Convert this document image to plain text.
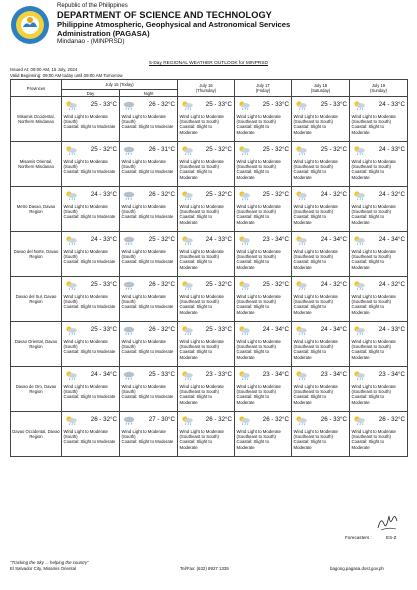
Republic of the Philippines
DEPARTMENT OF SCIENCE AND TECHNOLOGY
Philippine Atmospheric, Geophysical and Astronomical Services
Administration (PAGASA)
Mindanao - (MINPRSD)
5-Day REGIONAL WEATHER OUTLOOK for MINPRSD
Issued At: 09:00 AM, 15 July, 2024
Valid Beginning: 09:00 AM today until 09:00 AM Tomorrow
Provinces	July 15 (Today)		July 16
(Thursday)	July 17
(Friday)	July 18
(Saturday)	July 19
(Sunday)
	Day	Night				
Misamis Occidental, Northern Mindanao	25 - 33°C
Wind Light to Moderate
(South)
Coastal: Slight to Moderate	26 - 32°C
Wind Light to Moderate
(South)
Coastal: Slight to Moderate	25 - 33°C
Wind Light to Moderate
(Southeast to South)
Coastal: Slight to
Moderate	25 - 33°C
Wind Light to Moderate
(Southeast to South)
Coastal: Slight to
Moderate	25 - 33°C
Wind Light to Moderate
(Southeast to South)
Coastal: Slight to
Moderate	24 - 33°C
Wind Light to Moderate
(Southeast to South)
Coastal: Slight to
Moderate

Misamis Oriental, Northern Mindanao	25 - 32°C
Wind Light to Moderate
(South)
Coastal: Slight to Moderate	26 - 31°C
Wind Light to Moderate
(South)
Coastal: Slight to Moderate	25 - 32°C
Wind Light to Moderate
(Southeast to South)
Coastal: Slight to
Moderate	25 - 32°C
Wind Light to Moderate
(Southeast to South)
Coastal: Slight to
Moderate	25 - 32°C
Wind Light to Moderate
(Southeast to South)
Coastal: Slight to
Moderate	24 - 33°C
Wind Light to Moderate
(Southeast to South)
Coastal: Slight to
Moderate

Metro Davao, Davao Region	24 - 33°C
Wind Light to Moderate
(South)
Coastal: Slight to Moderate	26 - 32°C
Wind Light to Moderate
(South)
Coastal: Slight to Moderate	25 - 32°C
Wind Light to Moderate
(Southeast to South)
Coastal: Slight to
Moderate	25 - 32°C
Wind Light to Moderate
(Southeast to South)
Coastal: Slight to
Moderate	24 - 32°C
Wind Light to Moderate
(Southeast to South)
Coastal: Slight to
Moderate	24 - 32°C
Wind Light to Moderate
(Southeast to South)
Coastal: Slight to
Moderate

Davao del Norte, Davao Region	24 - 33°C
Wind Light to Moderate
(South)
Coastal: Slight to Moderate	25 - 32°C
Wind Light to Moderate
(South)
Coastal: Slight to Moderate	24 - 33°C
Wind Light to Moderate
(Southeast to South)
Coastal: Slight to
Moderate	23 - 34°C
Wind Light to Moderate
(Southeast to South)
Coastal: Slight to
Moderate	24 - 34°C
Wind Light to Moderate
(Southeast to South)
Coastal: Slight to
Moderate	24 - 34°C
Wind Light to Moderate
(Southeast to South)
Coastal: Slight to
Moderate

Davao del Sur, Davao Region	25 - 33°C
Wind Light to Moderate
(South)
Coastal: Slight to Moderate	26 - 32°C
Wind Light to Moderate
(South)
Coastal: Slight to Moderate	25 - 32°C
Wind Light to Moderate
(Southeast to South)
Coastal: Slight to
Moderate	25 - 32°C
Wind Light to Moderate
(Southeast to South)
Coastal: Slight to
Moderate	24 - 32°C
Wind Light to Moderate
(Southeast to South)
Coastal: Slight to
Moderate	24 - 32°C
Wind Light to Moderate
(Southeast to South)
Coastal: Slight to
Moderate

Davao Oriental, Davao Region	25 - 33°C
Wind Light to Moderate
(South)
Coastal: Slight to Moderate	26 - 32°C
Wind Light to Moderate
(South)
Coastal: Slight to Moderate	25 - 33°C
Wind Light to Moderate
(Southeast to South)
Coastal: Slight to
Moderate	24 - 34°C
Wind Light to Moderate
(Southeast to South)
Coastal: Slight to
Moderate	24 - 34°C
Wind Light to Moderate
(Southeast to South)
Coastal: Slight to
Moderate	24 - 33°C
Wind Light to Moderate
(Southeast to South)
Coastal: Slight to
Moderate

Davao de Oro, Davao Region	24 - 34°C
Wind Light to Moderate
(South)
Coastal: Slight to Moderate	25 - 33°C
Wind Light to Moderate
(South)
Coastal: Slight to Moderate	23 - 33°C
Wind Light to Moderate
(Southeast to South)
Coastal: Slight to
Moderate	23 - 34°C
Wind Light to Moderate
(Southeast to South)
Coastal: Slight to
Moderate	23 - 34°C
Wind Light to Moderate
(Southeast to South)
Coastal: Slight to
Moderate	23 - 34°C
Wind Light to Moderate
(Southeast to South)
Coastal: Slight to
Moderate

Davao Occidental, Davao Region	26 - 32°C
Wind Light to Moderate
(South)
Coastal: Slight to Moderate	27 - 30°C
Wind Light to Moderate
(South)
Coastal: Slight to Moderate	26 - 32°C
Wind Light to Moderate
(Southeast to South)
Coastal: Slight to
Moderate	26 - 32°C
Wind Light to Moderate
(Southeast to South)
Coastal: Slight to
Moderate	26 - 33°C
Wind Light to Moderate
(Southeast to South)
Coastal: Slight to
Moderate	26 - 32°C
Wind Light to Moderate
(Southeast to South)
Coastal: Slight to
Moderate
Forecasters :	ES-Z
"Tracking the Sky ... helping the country"
El Salvador City, Misamis Oriental	Tel/Fax: (632) 8927 1335	bagong.pagasa.dost.gov.ph
